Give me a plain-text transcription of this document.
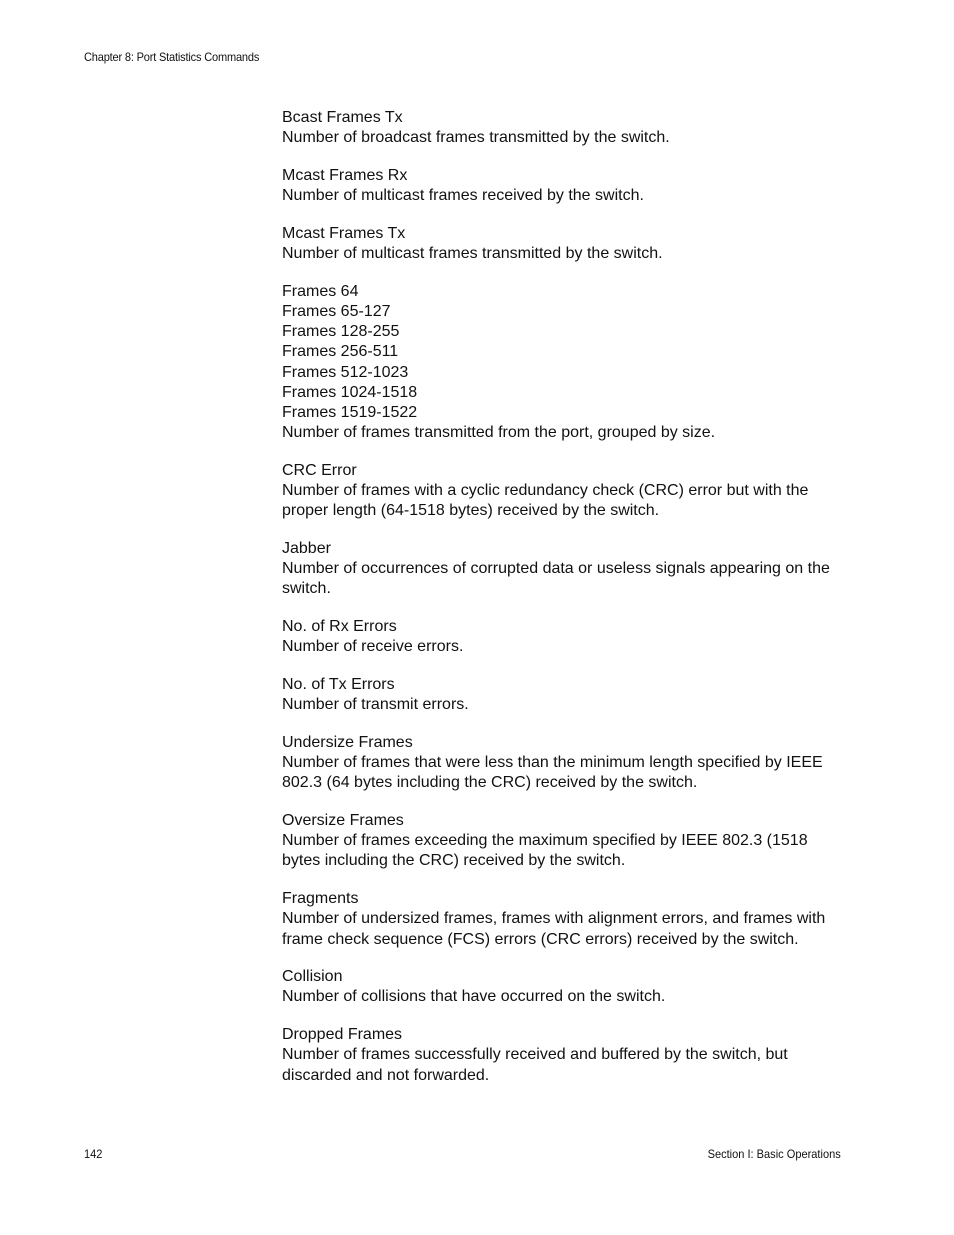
Chapter 8: Port Statistics Commands
Bcast Frames Tx
Number of broadcast frames transmitted by the switch.
Mcast Frames Rx
Number of multicast frames received by the switch.
Mcast Frames Tx
Number of multicast frames transmitted by the switch.
Frames 64
Frames 65-127
Frames 128-255
Frames 256-511
Frames 512-1023
Frames 1024-1518
Frames 1519-1522
Number of frames transmitted from the port, grouped by size.
CRC Error
Number of frames with a cyclic redundancy check (CRC) error but with the proper length (64-1518 bytes) received by the switch.
Jabber
Number of occurrences of corrupted data or useless signals appearing on the switch.
No. of Rx Errors
Number of receive errors.
No. of Tx Errors
Number of transmit errors.
Undersize Frames
Number of frames that were less than the minimum length specified by IEEE 802.3 (64 bytes including the CRC) received by the switch.
Oversize Frames
Number of frames exceeding the maximum specified by IEEE 802.3 (1518 bytes including the CRC) received by the switch.
Fragments
Number of undersized frames, frames with alignment errors, and frames with frame check sequence (FCS) errors (CRC errors) received by the switch.
Collision
Number of collisions that have occurred on the switch.
Dropped Frames
Number of frames successfully received and buffered by the switch, but discarded and not forwarded.
142	Section I: Basic Operations
